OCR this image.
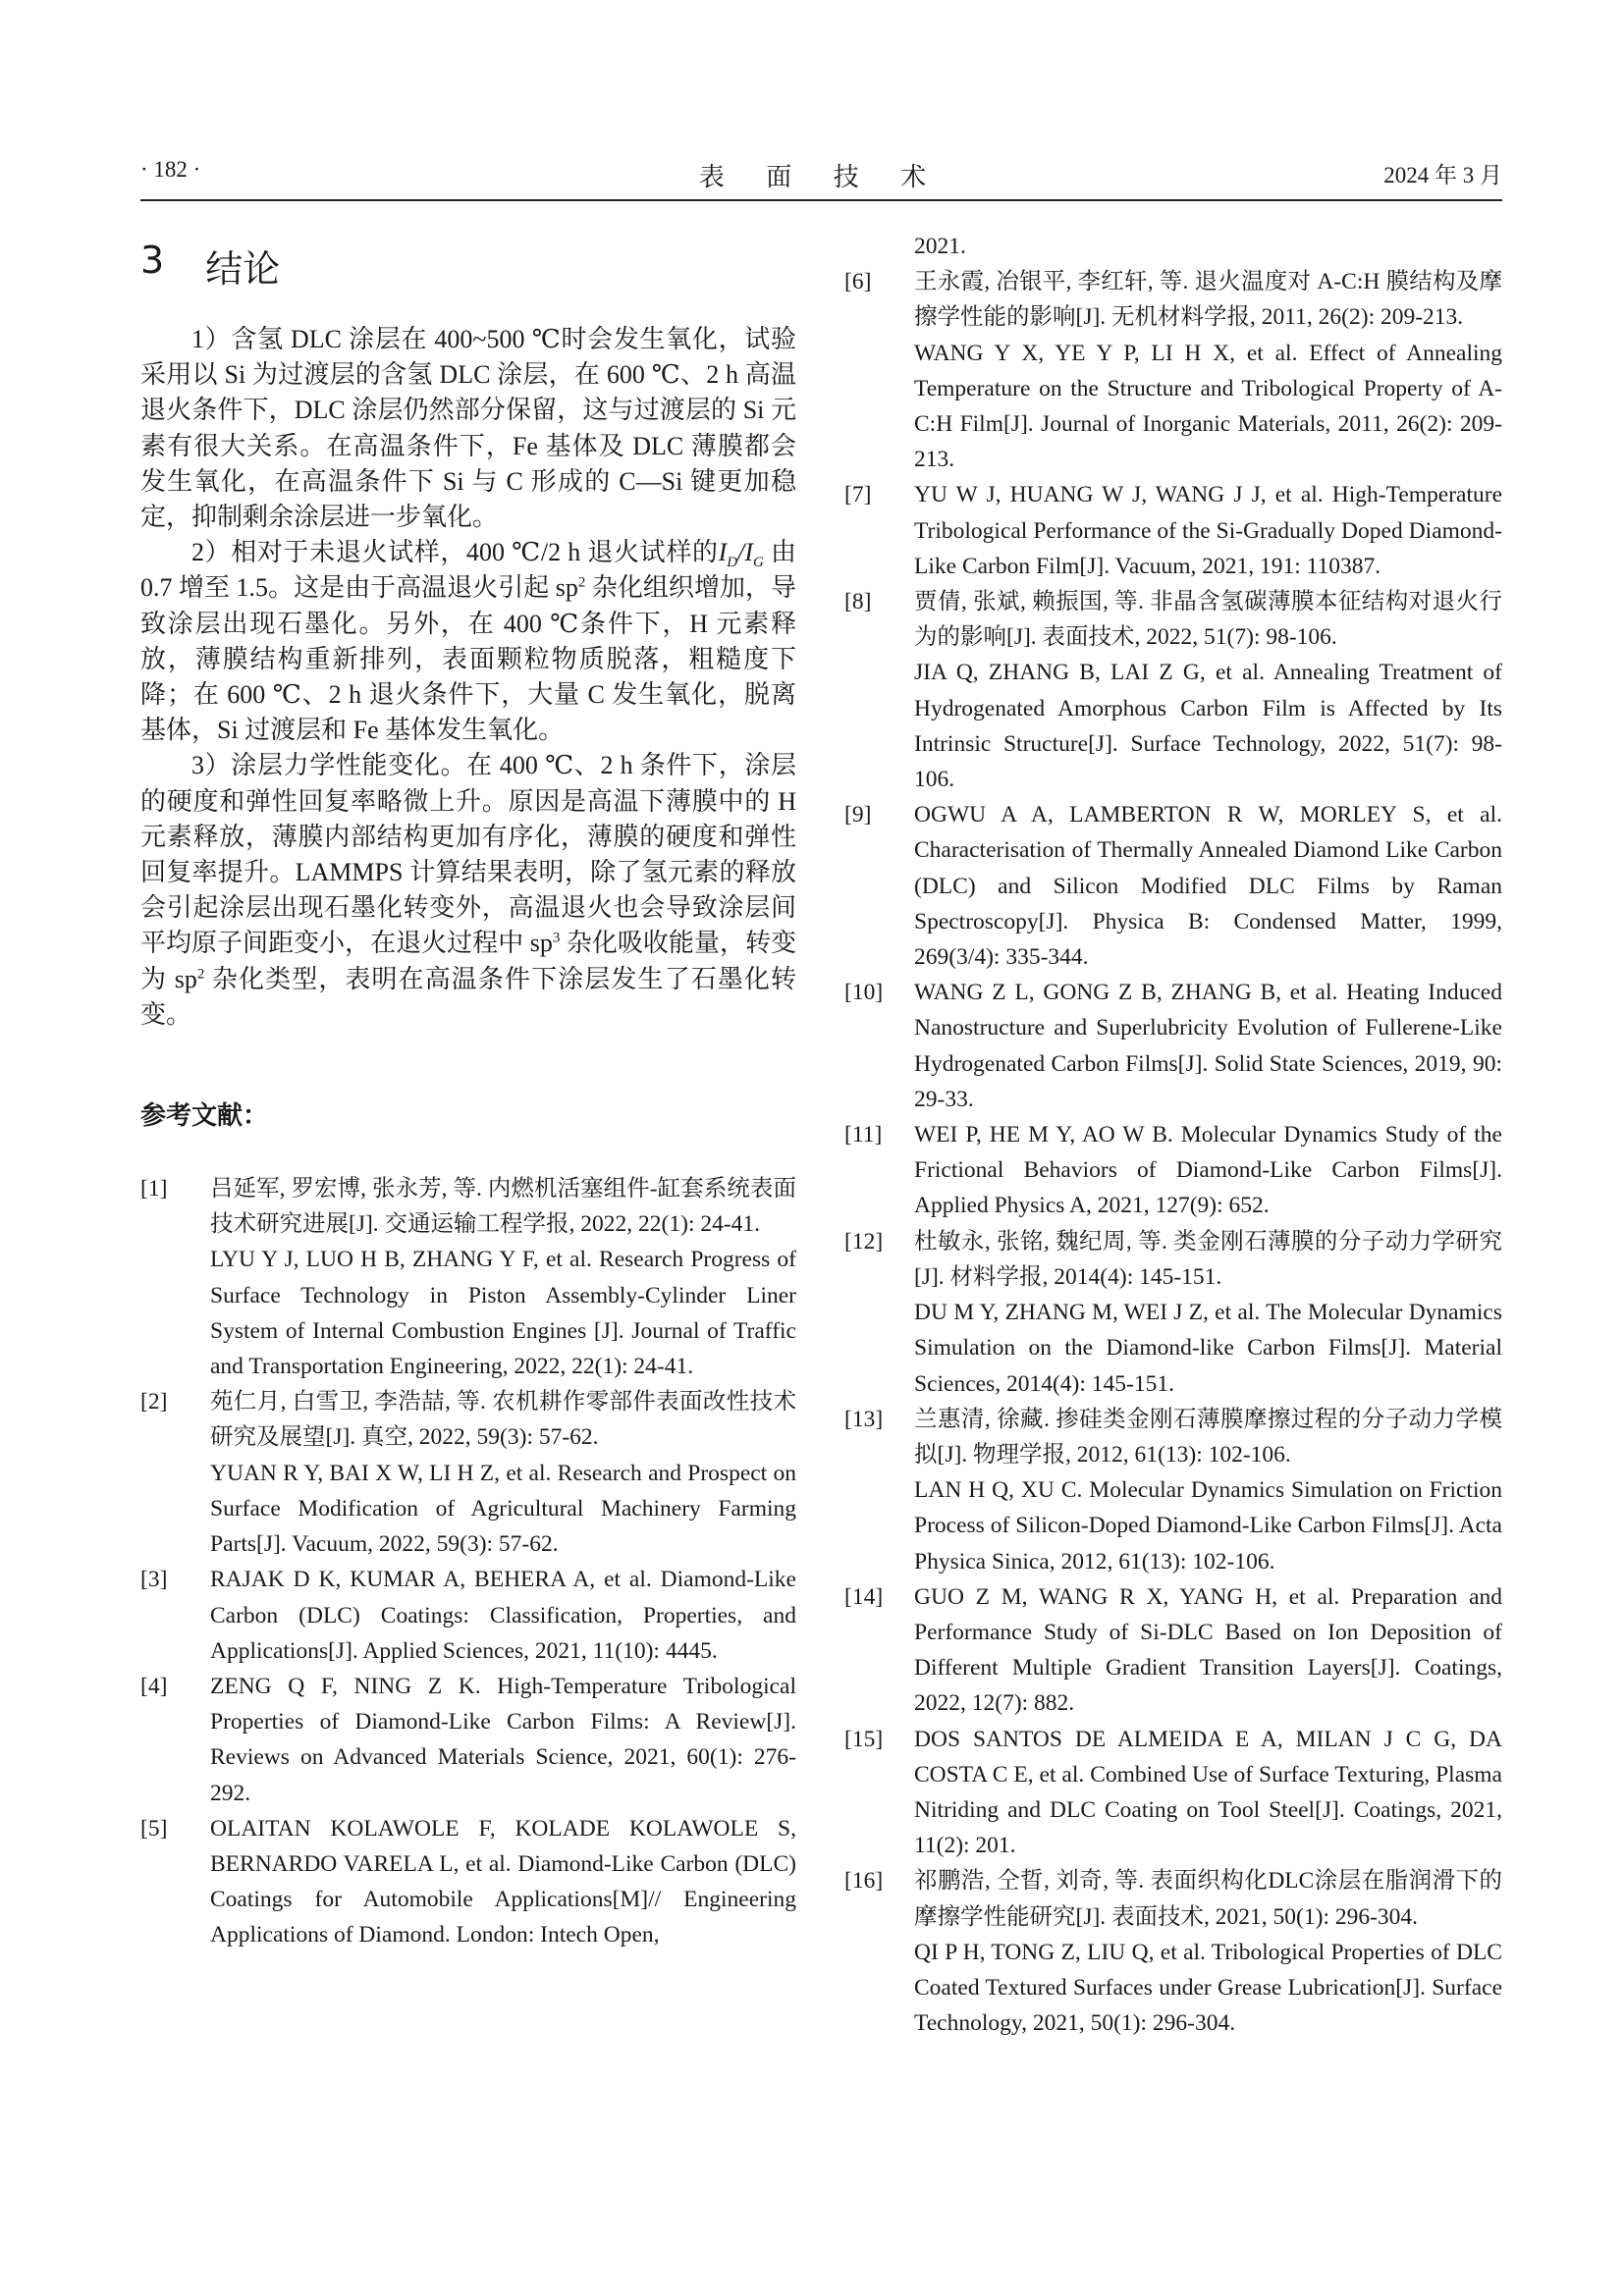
· 182 ·	表 面 技 术	2024 年 3 月
3 结论

1）含氢 DLC 涂层在 400~500 ℃时会发生氧化，试验采用以 Si 为过渡层的含氢 DLC 涂层，在 600 ℃、2 h 高温退火条件下，DLC 涂层仍然部分保留，这与过渡层的 Si 元素有很大关系。在高温条件下，Fe 基体及 DLC 薄膜都会发生氧化，在高温条件下 Si 与 C 形成的 C—Si 键更加稳定，抑制剩余涂层进一步氧化。

2）相对于未退火试样，400 ℃/2 h 退火试样的$I_D/I_G$ 由 0.7 增至 1.5。这是由于高温退火引起 $sp^2$ 杂化组织增加，导致涂层出现石墨化。另外，在 400 ℃条件下，H 元素释放，薄膜结构重新排列，表面颗粒物质脱落，粗糙度下降；在 600 ℃、2 h 退火条件下，大量 C 发生氧化，脱离基体，Si 过渡层和 Fe 基体发生氧化。

3）涂层力学性能变化。在 400 ℃、2 h 条件下，涂层的硬度和弹性回复率略微上升。原因是高温下薄膜中的 H 元素释放，薄膜内部结构更加有序化，薄膜的硬度和弹性回复率提升。LAMMPS 计算结果表明，除了氢元素的释放会引起涂层出现石墨化转变外，高温退火也会导致涂层间平均原子间距变小，在退火过程中 $sp^3$ 杂化吸收能量，转变为 $sp^2$ 杂化类型，表明在高温条件下涂层发生了石墨化转变。

参考文献：
[1]	吕延军, 罗宏博, 张永芳, 等. 内燃机活塞组件-缸套系统表面技术研究进展[J]. 交通运输工程学报, 2022, 22(1): 24-41.
LYU Y J, LUO H B, ZHANG Y F, et al. Research Progress of Surface Technology in Piston Assembly-Cylinder Liner System of Internal Combustion Engines [J]. Journal of Traffic and Transportation Engineering, 2022, 22(1): 24-41.
[2]	苑仁月, 白雪卫, 李浩喆, 等. 农机耕作零部件表面改性技术研究及展望[J]. 真空, 2022, 59(3): 57-62.
YUAN R Y, BAI X W, LI H Z, et al. Research and Prospect on Surface Modification of Agricultural Machinery Farming Parts[J]. Vacuum, 2022, 59(3): 57-62.
[3]	RAJAK D K, KUMAR A, BEHERA A, et al. Diamond-Like Carbon (DLC) Coatings: Classification, Properties, and Applications[J]. Applied Sciences, 2021, 11(10): 4445.
[4]	ZENG Q F, NING Z K. High-Temperature Tribological Properties of Diamond-Like Carbon Films: A Review[J]. Reviews on Advanced Materials Science, 2021, 60(1): 276-292.
[5]	OLAITAN KOLAWOLE F, KOLADE KOLAWOLE S, BERNARDO VARELA L, et al. Diamond-Like Carbon (DLC) Coatings for Automobile Applications[M]// Engineering Applications of Diamond. London: Intech Open,
2021.
[6]	王永霞, 冶银平, 李红轩, 等. 退火温度对 A-C:H 膜结构及摩擦学性能的影响[J]. 无机材料学报, 2011, 26(2): 209-213.
WANG Y X, YE Y P, LI H X, et al. Effect of Annealing Temperature on the Structure and Tribological Property of A-C:H Film[J]. Journal of Inorganic Materials, 2011, 26(2): 209-213.
[7]	YU W J, HUANG W J, WANG J J, et al. High-Temperature Tribological Performance of the Si-Gradually Doped Diamond-Like Carbon Film[J]. Vacuum, 2021, 191: 110387.
[8]	贾倩, 张斌, 赖振国, 等. 非晶含氢碳薄膜本征结构对退火行为的影响[J]. 表面技术, 2022, 51(7): 98-106.
JIA Q, ZHANG B, LAI Z G, et al. Annealing Treatment of Hydrogenated Amorphous Carbon Film is Affected by Its Intrinsic Structure[J]. Surface Technology, 2022, 51(7): 98-106.
[9]	OGWU A A, LAMBERTON R W, MORLEY S, et al. Characterisation of Thermally Annealed Diamond Like Carbon (DLC) and Silicon Modified DLC Films by Raman Spectroscopy[J]. Physica B: Condensed Matter, 1999, 269(3/4): 335-344.
[10]	WANG Z L, GONG Z B, ZHANG B, et al. Heating Induced Nanostructure and Superlubricity Evolution of Fullerene-Like Hydrogenated Carbon Films[J]. Solid State Sciences, 2019, 90: 29-33.
[11]	WEI P, HE M Y, AO W B. Molecular Dynamics Study of the Frictional Behaviors of Diamond-Like Carbon Films[J]. Applied Physics A, 2021, 127(9): 652.
[12]	杜敏永, 张铭, 魏纪周, 等. 类金刚石薄膜的分子动力学研究[J]. 材料学报, 2014(4): 145-151.
DU M Y, ZHANG M, WEI J Z, et al. The Molecular Dynamics Simulation on the Diamond-like Carbon Films[J]. Material Sciences, 2014(4): 145-151.
[13]	兰惠清, 徐藏. 掺硅类金刚石薄膜摩擦过程的分子动力学模拟[J]. 物理学报, 2012, 61(13): 102-106.
LAN H Q, XU C. Molecular Dynamics Simulation on Friction Process of Silicon-Doped Diamond-Like Carbon Films[J]. Acta Physica Sinica, 2012, 61(13): 102-106.
[14]	GUO Z M, WANG R X, YANG H, et al. Preparation and Performance Study of Si-DLC Based on Ion Deposition of Different Multiple Gradient Transition Layers[J]. Coatings, 2022, 12(7): 882.
[15]	DOS SANTOS DE ALMEIDA E A, MILAN J C G, DA COSTA C E, et al. Combined Use of Surface Texturing, Plasma Nitriding and DLC Coating on Tool Steel[J]. Coatings, 2021, 11(2): 201.
[16]	祁鹏浩, 仝晢, 刘奇, 等. 表面织构化DLC涂层在脂润滑下的摩擦学性能研究[J]. 表面技术, 2021, 50(1): 296-304.
QI P H, TONG Z, LIU Q, et al. Tribological Properties of DLC Coated Textured Surfaces under Grease Lubrication[J]. Surface Technology, 2021, 50(1): 296-304.
